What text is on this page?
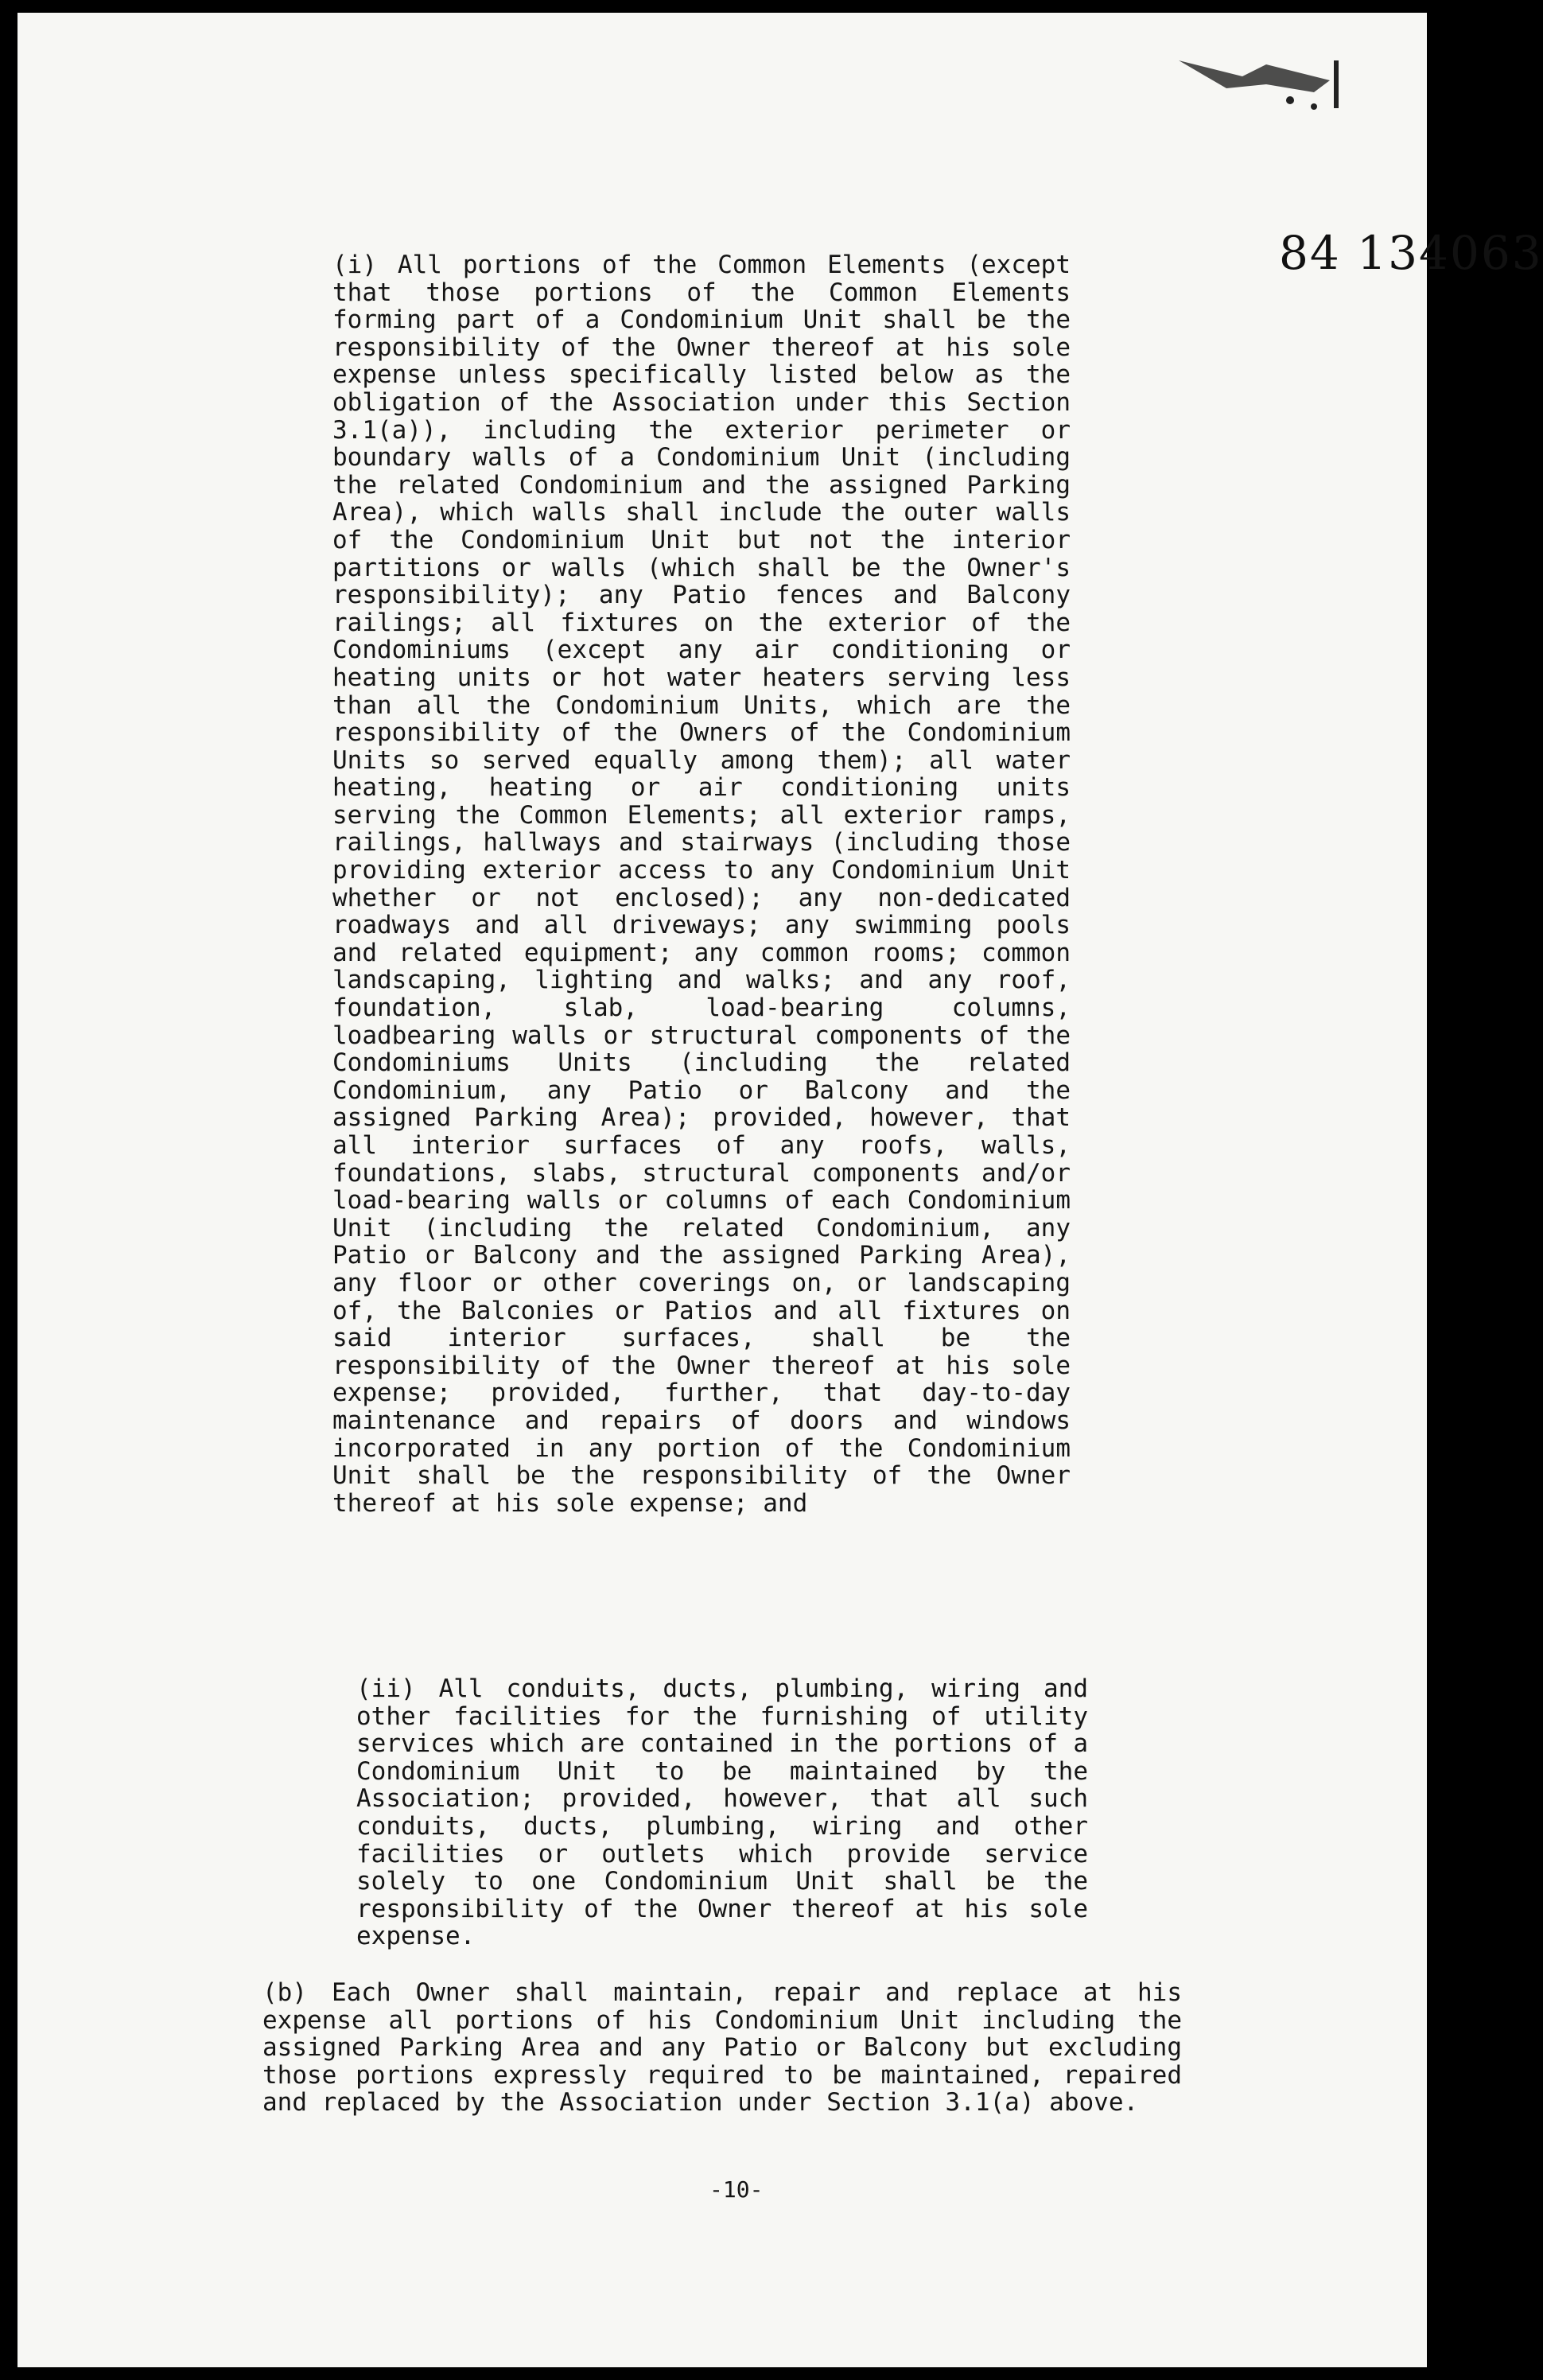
84 134063
(i) All portions of the Common Elements (except that those portions of the Common Elements forming part of a Condominium Unit shall be the responsibility of the Owner thereof at his sole expense unless specifically listed below as the obligation of the Association under this Section 3.1(a)), including the exterior perimeter or boundary walls of a Condominium Unit (including the related Condominium and the assigned Parking Area), which walls shall include the outer walls of the Condominium Unit but not the interior partitions or walls (which shall be the Owner's responsibility); any Patio fences and Balcony railings; all fixtures on the exterior of the Condominiums (except any air conditioning or heating units or hot water heaters serving less than all the Condominium Units, which are the responsibility of the Owners of the Condominium Units so served equally among them); all water heating, heating or air conditioning units serving the Common Elements; all exterior ramps, railings, hallways and stairways (including those providing exterior access to any Condominium Unit whether or not enclosed); any non-dedicated roadways and all driveways; any swimming pools and related equipment; any common rooms; common landscaping, lighting and walks; and any roof, foundation, slab, load-bearing columns, loadbearing walls or structural components of the Condominiums Units (including the related Condominium, any Patio or Balcony and the assigned Parking Area); provided, however, that all interior surfaces of any roofs, walls, foundations, slabs, structural components and/or load-bearing walls or columns of each Condominium Unit (including the related Condominium, any Patio or Balcony and the assigned Parking Area), any floor or other coverings on, or landscaping of, the Balconies or Patios and all fixtures on said interior surfaces, shall be the responsibility of the Owner thereof at his sole expense; provided, further, that day-to-day maintenance and repairs of doors and windows incorporated in any portion of the Condominium Unit shall be the responsibility of the Owner thereof at his sole expense; and
(ii) All conduits, ducts, plumbing, wiring and other facilities for the furnishing of utility services which are contained in the portions of a Condominium Unit to be maintained by the Association; provided, however, that all such conduits, ducts, plumbing, wiring and other facilities or outlets which provide service solely to one Condominium Unit shall be the responsibility of the Owner thereof at his sole expense.
(b) Each Owner shall maintain, repair and replace at his expense all portions of his Condominium Unit including the assigned Parking Area and any Patio or Balcony but excluding those portions expressly required to be maintained, repaired and replaced by the Association under Section 3.1(a) above.
-10-
